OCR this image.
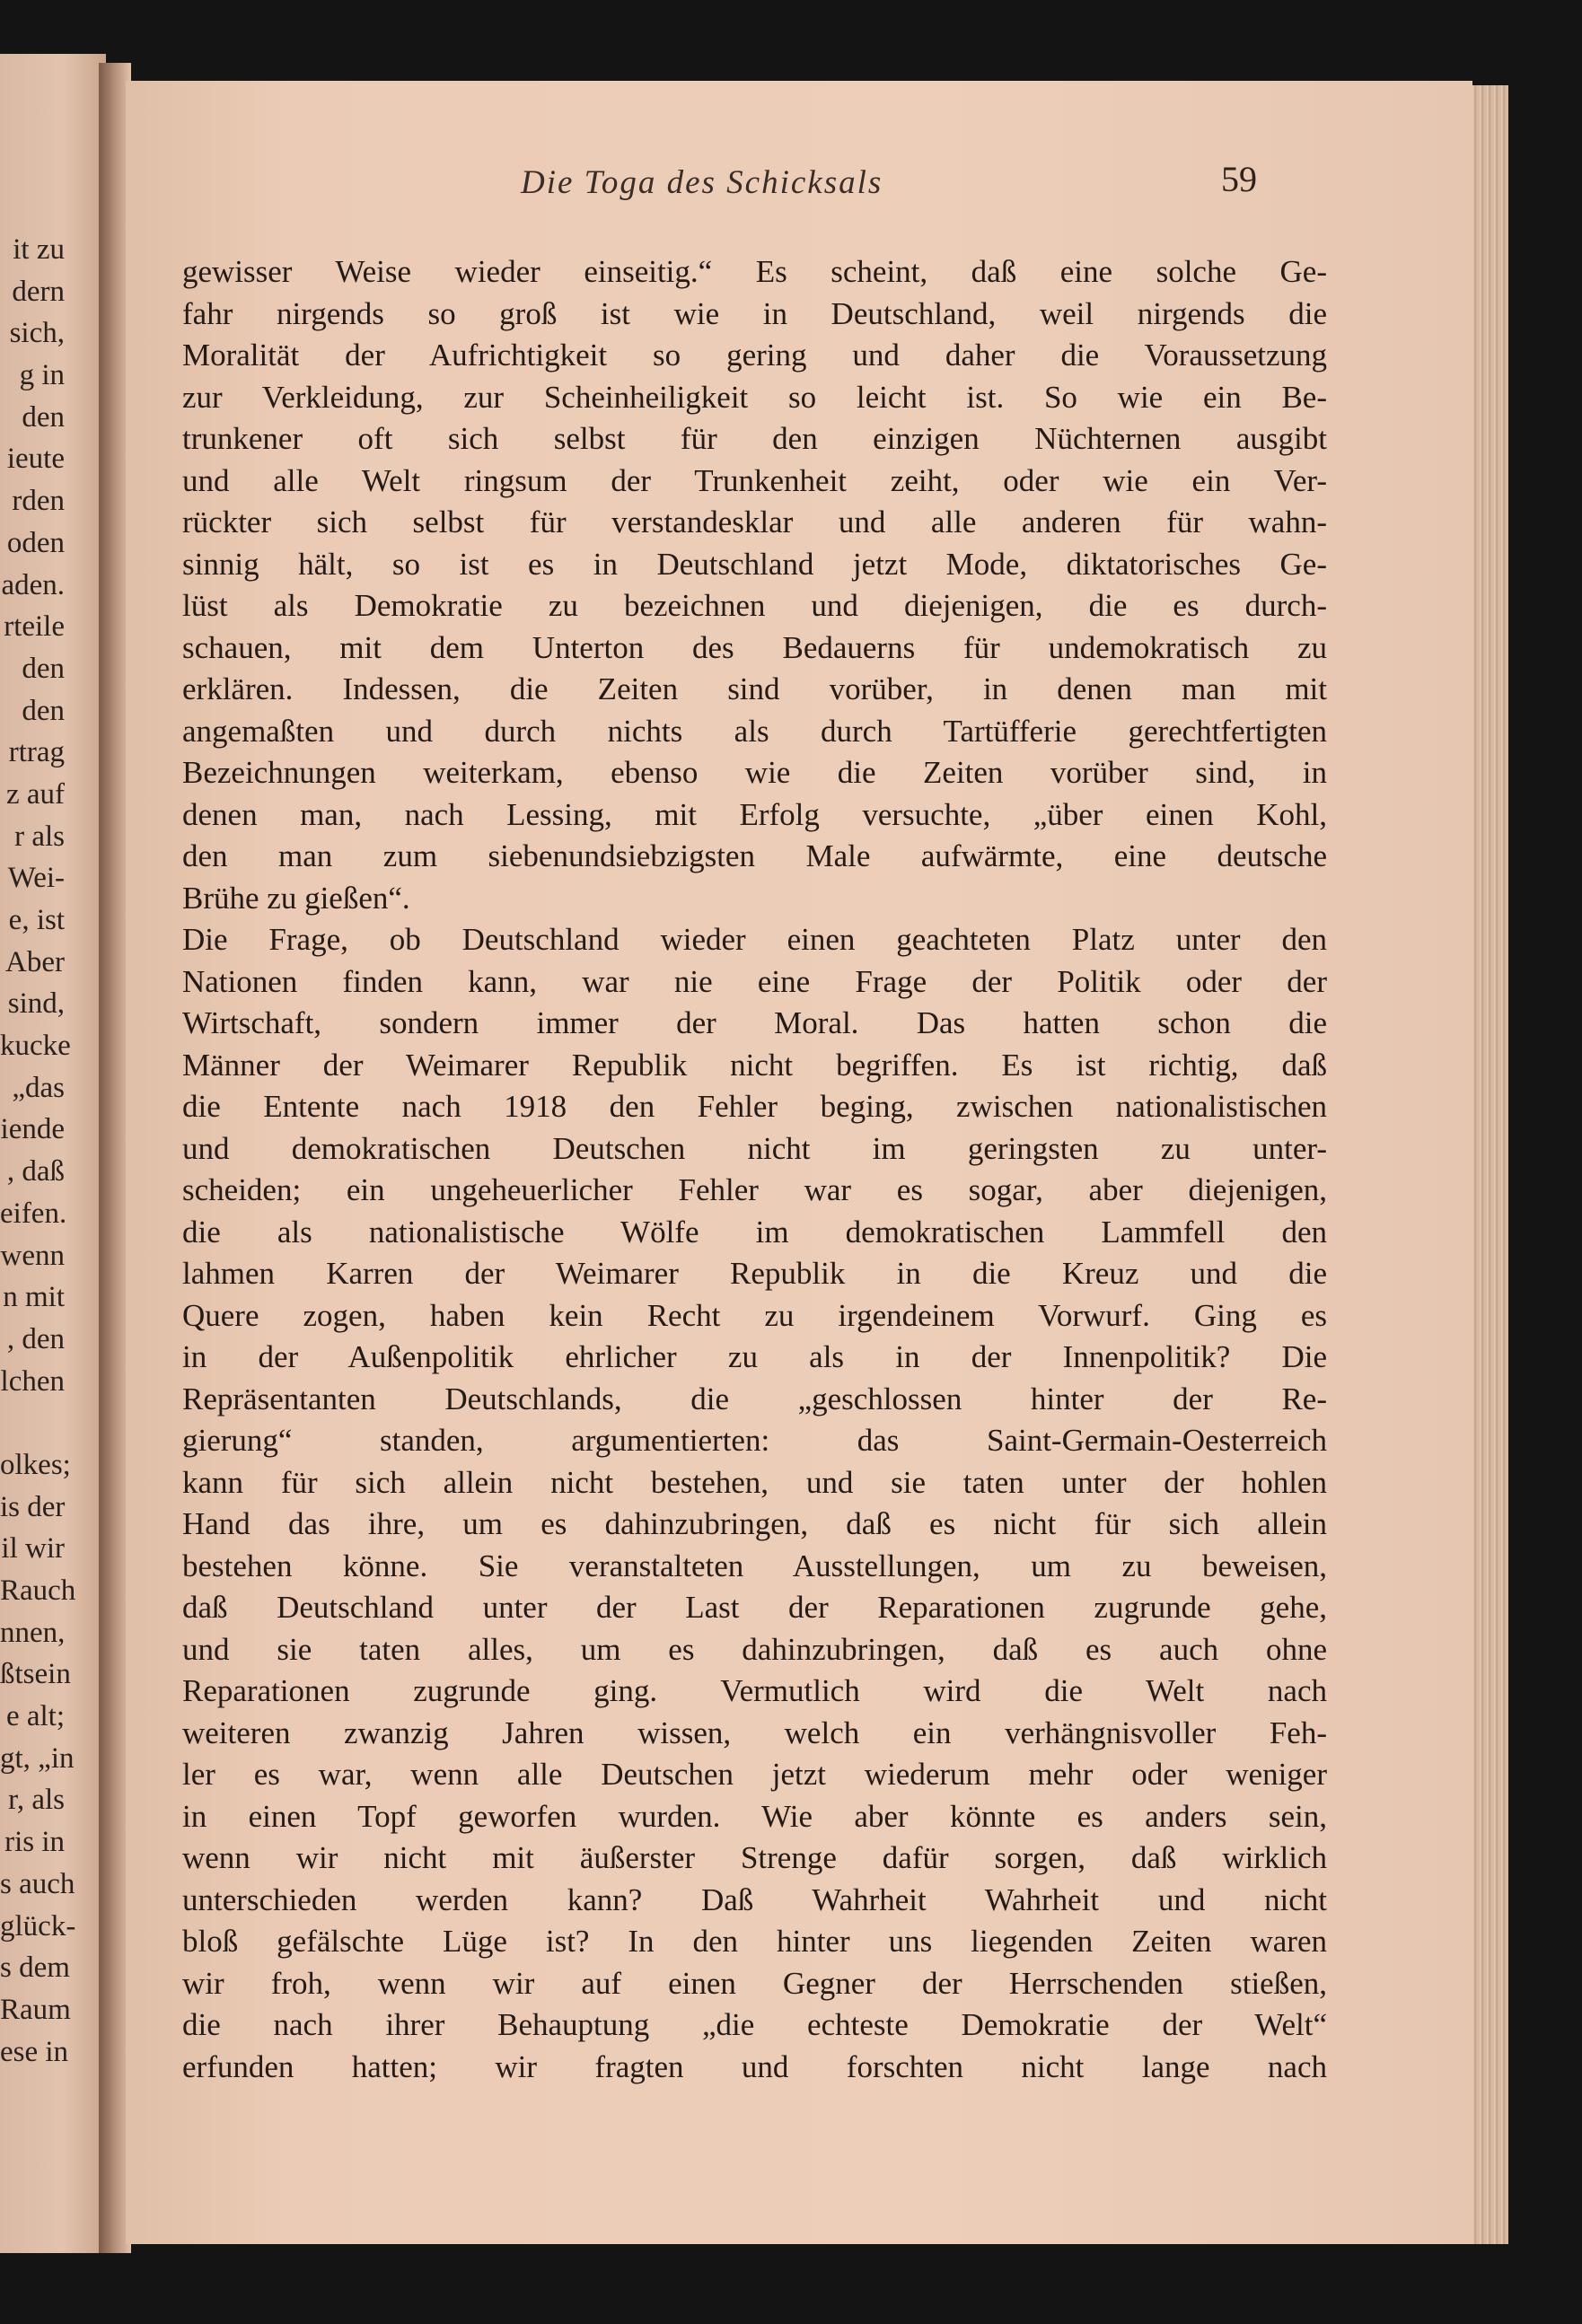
it zu
dern
sich,
g in
den
ieute
rden
oden
aden.
rteile
den
den
rtrag
z auf
r als
Wei-
e, ist
Aber
sind,
kucke
„das
iende
, daß
eifen.
wenn
n mit
, den
lchen
olkes;
is der
il wir
Rauch
nnen,
ßtsein
e alt;
gt, „in
r, als
ris in
s auch
glück-
s dem
Raum
ese in
Die Toga des Schicksals	59
gewisser Weise wieder einseitig.“ Es scheint, daß eine solche Ge-
fahr nirgends so groß ist wie in Deutschland, weil nirgends die
Moralität der Aufrichtigkeit so gering und daher die Voraussetzung
zur Verkleidung, zur Scheinheiligkeit so leicht ist. So wie ein Be-
trunkener oft sich selbst für den einzigen Nüchternen ausgibt
und alle Welt ringsum der Trunkenheit zeiht, oder wie ein Ver-
rückter sich selbst für verstandesklar und alle anderen für wahn-
sinnig hält, so ist es in Deutschland jetzt Mode, diktatorisches Ge-
lüst als Demokratie zu bezeichnen und diejenigen, die es durch-
schauen, mit dem Unterton des Bedauerns für undemokratisch zu
erklären. Indessen, die Zeiten sind vorüber, in denen man mit
angemaßten und durch nichts als durch Tartüfferie gerechtfertigten
Bezeichnungen weiterkam, ebenso wie die Zeiten vorüber sind, in
denen man, nach Lessing, mit Erfolg versuchte, „über einen Kohl,
den man zum siebenundsiebzigsten Male aufwärmte, eine deutsche
Brühe zu gießen“.
Die Frage, ob Deutschland wieder einen geachteten Platz unter den
Nationen finden kann, war nie eine Frage der Politik oder der
Wirtschaft, sondern immer der Moral. Das hatten schon die
Männer der Weimarer Republik nicht begriffen. Es ist richtig, daß
die Entente nach 1918 den Fehler beging, zwischen nationalistischen
und demokratischen Deutschen nicht im geringsten zu unter-
scheiden; ein ungeheuerlicher Fehler war es sogar, aber diejenigen,
die als nationalistische Wölfe im demokratischen Lammfell den
lahmen Karren der Weimarer Republik in die Kreuz und die
Quere zogen, haben kein Recht zu irgendeinem Vorwurf. Ging es
in der Außenpolitik ehrlicher zu als in der Innenpolitik? Die
Repräsentanten Deutschlands, die „geschlossen hinter der Re-
gierung“ standen, argumentierten: das Saint-Germain-Oesterreich
kann für sich allein nicht bestehen, und sie taten unter der hohlen
Hand das ihre, um es dahinzubringen, daß es nicht für sich allein
bestehen könne. Sie veranstalteten Ausstellungen, um zu beweisen,
daß Deutschland unter der Last der Reparationen zugrunde gehe,
und sie taten alles, um es dahinzubringen, daß es auch ohne
Reparationen zugrunde ging. Vermutlich wird die Welt nach
weiteren zwanzig Jahren wissen, welch ein verhängnisvoller Feh-
ler es war, wenn alle Deutschen jetzt wiederum mehr oder weniger
in einen Topf geworfen wurden. Wie aber könnte es anders sein,
wenn wir nicht mit äußerster Strenge dafür sorgen, daß wirklich
unterschieden werden kann? Daß Wahrheit Wahrheit und nicht
bloß gefälschte Lüge ist? In den hinter uns liegenden Zeiten waren
wir froh, wenn wir auf einen Gegner der Herrschenden stießen,
die nach ihrer Behauptung „die echteste Demokratie der Welt“
erfunden hatten; wir fragten und forschten nicht lange nach
